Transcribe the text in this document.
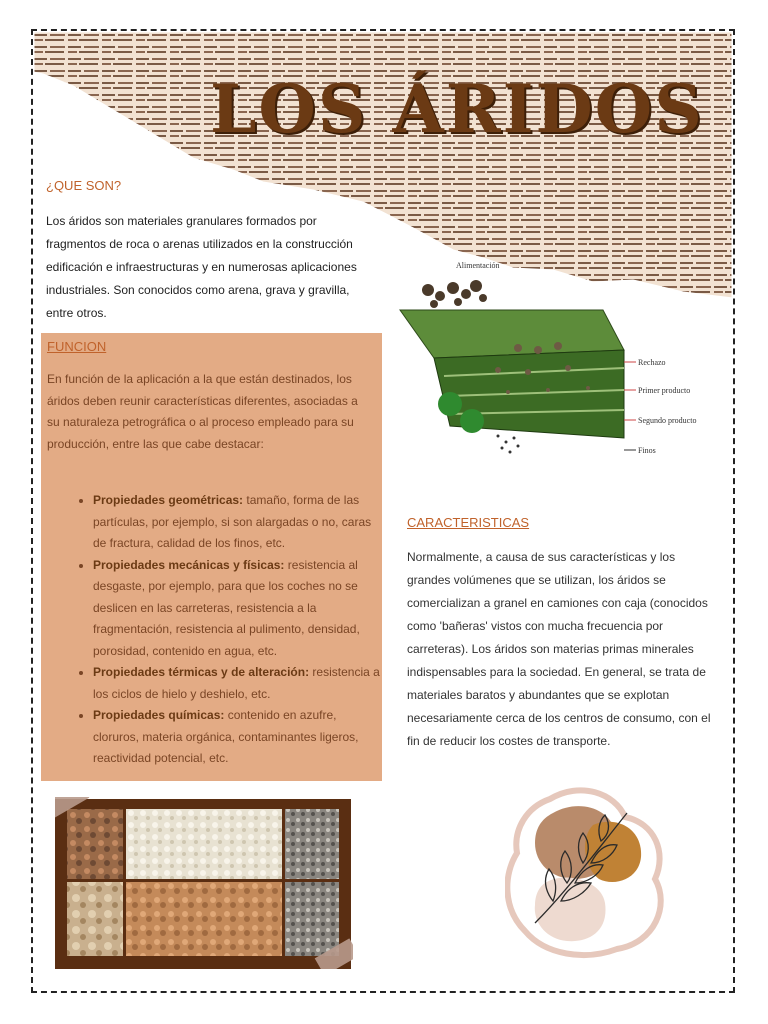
LOS ÁRIDOS
¿QUE SON?
Los áridos son materiales granulares formados por fragmentos de roca o arenas utilizados en la construcción edificación e infraestructuras y en numerosas aplicaciones industriales. Son conocidos como arena, grava y gravilla, entre otros.
Alimentación
Rechazo
Primer producto
Segundo producto
Finos
FUNCION
En función de la aplicación a la que están destinados, los áridos deben reunir características diferentes, asociadas a su naturaleza petrográfica o al proceso empleado para su producción, entre las que cabe destacar:
• Propiedades geométricas: tamaño, forma de las partículas, por ejemplo, si son alargadas o no, caras de fractura, calidad de los finos, etc.
• Propiedades mecánicas y físicas: resistencia al desgaste, por ejemplo, para que los coches no se deslicen en las carreteras, resistencia a la fragmentación, resistencia al pulimento, densidad, porosidad, contenido en agua, etc.
• Propiedades térmicas y de alteración: resistencia a los ciclos de hielo y deshielo, etc.
• Propiedades químicas: contenido en azufre, cloruros, materia orgánica, contaminantes ligeros, reactividad potencial, etc.
CARACTERISTICAS
Normalmente, a causa de sus características y los grandes volúmenes que se utilizan, los áridos se comercializan a granel en camiones con caja (conocidos como 'bañeras' vistos con mucha frecuencia por carreteras). Los áridos son materias primas minerales indispensables para la sociedad. En general, se trata de materiales baratos y abundantes que se explotan necesariamente cerca de los centros de consumo, con el fin de reducir los costes de transporte.
